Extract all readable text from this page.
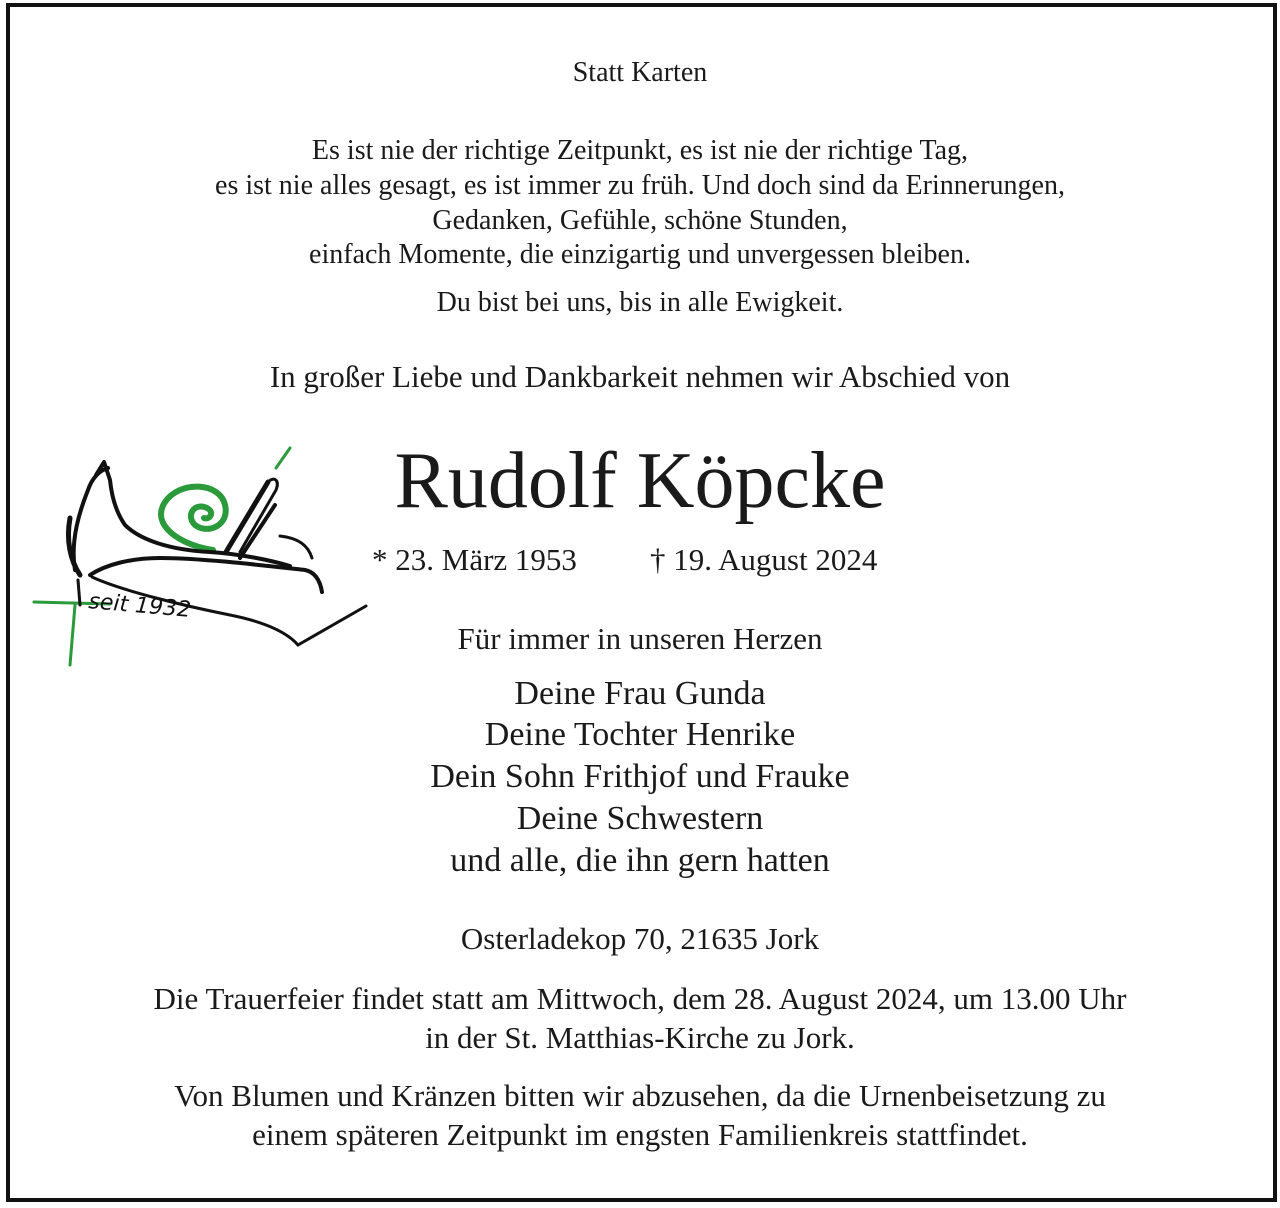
Statt Karten
Es ist nie der richtige Zeitpunkt, es ist nie der richtige Tag,
es ist nie alles gesagt, es ist immer zu früh. Und doch sind da Erinnerungen,
Gedanken, Gefühle, schöne Stunden,
einfach Momente, die einzigartig und unvergessen bleiben.
Du bist bei uns, bis in alle Ewigkeit.
In großer Liebe und Dankbarkeit nehmen wir Abschied von
Rudolf Köpcke
* 23. März 1953 † 19. August 2024
Für immer in unseren Herzen
Deine Frau Gunda
Deine Tochter Henrike
Dein Sohn Frithjof und Frauke
Deine Schwestern
und alle, die ihn gern hatten
Osterladekop 70, 21635 Jork
Die Trauerfeier findet statt am Mittwoch, dem 28. August 2024, um 13.00 Uhr
in der St. Matthias-Kirche zu Jork.
Von Blumen und Kränzen bitten wir abzusehen, da die Urnenbeisetzung zu
einem späteren Zeitpunkt im engsten Familienkreis stattfindet.
seit 1932
